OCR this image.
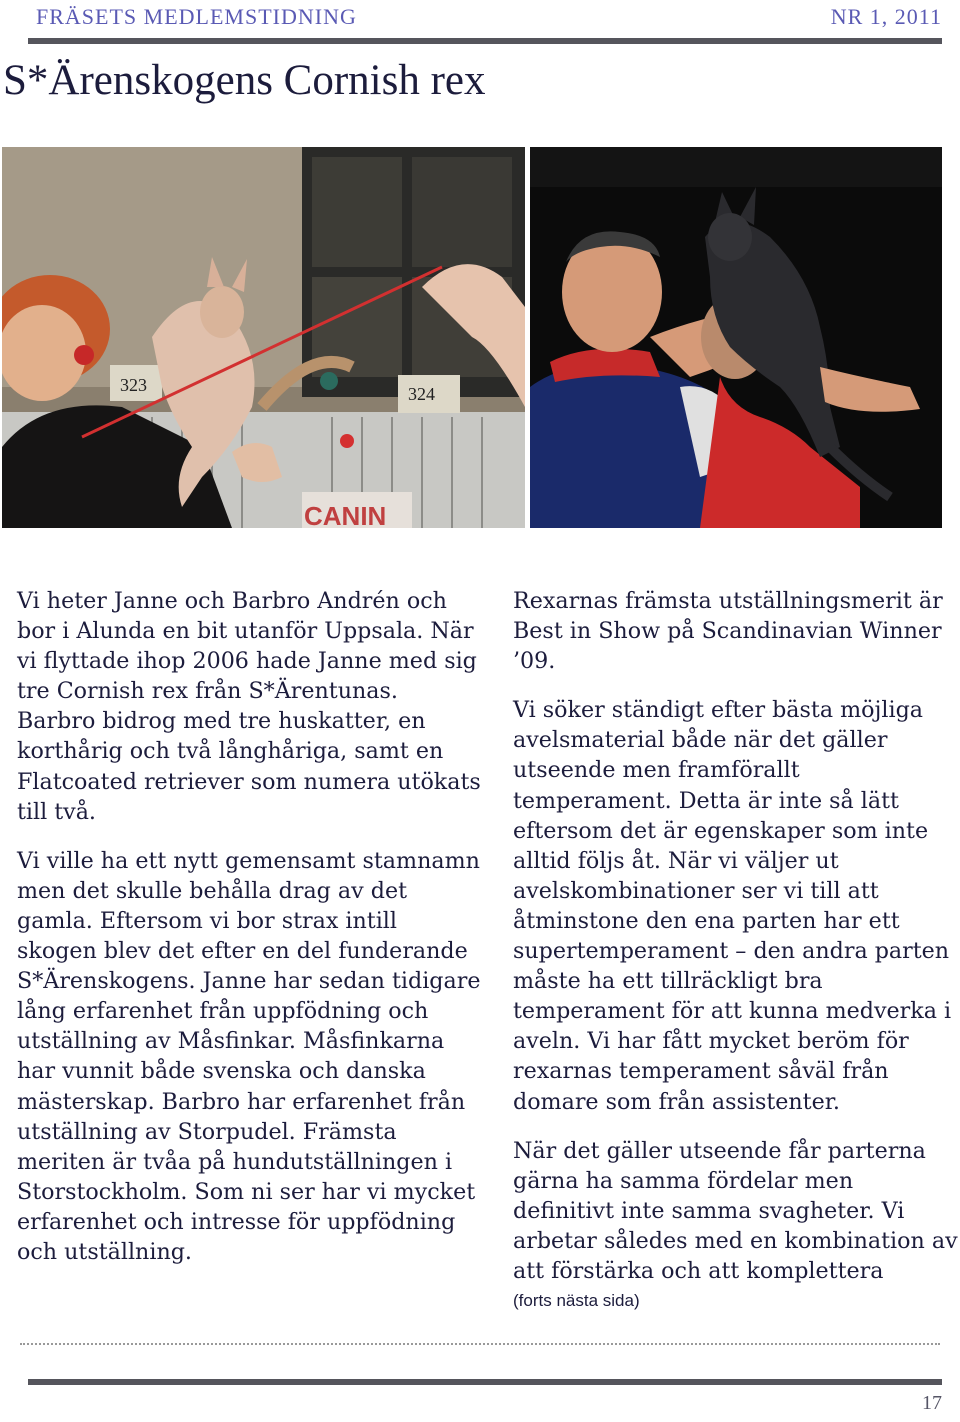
FRÄSETS MEDLEMSTIDNING	NR 1, 2011
S*Ärenskogens Cornish rex
323	324
CANIN

Vi heter Janne och Barbro Andrén och bor i Alunda en bit utanför Uppsala. När vi flyttade ihop 2006 hade Janne med sig tre Cornish rex från S*Ärentunas. Barbro bidrog med tre huskatter, en korthårig och två långhåriga, samt en Flatcoated retriever som numera utökats till två.

Vi ville ha ett nytt gemensamt stamnamn men det skulle behålla drag av det gamla. Eftersom vi bor strax intill skogen blev det efter en del funderande S*Ärenskogens. Janne har sedan tidigare lång erfarenhet från uppfödning och utställning av Måsfinkar. Måsfinkarna har vunnit både svenska och danska mästerskap. Barbro har erfarenhet från utställning av Storpudel. Främsta meriten är tvåa på hundutställningen i Storstockholm. Som ni ser har vi mycket erfarenhet och intresse för uppfödning och utställning.

Rexarnas främsta utställningsmerit är Best in Show på Scandinavian Winner ’09.

Vi söker ständigt efter bästa möjliga avelsmaterial både när det gäller utseende men framförallt temperament. Detta är inte så lätt eftersom det är egenskaper som inte alltid följs åt. När vi väljer ut avelskombinationer ser vi till att åtminstone den ena parten har ett supertemperament – den andra parten måste ha ett tillräckligt bra temperament för att kunna medverka i aveln. Vi har fått mycket beröm för rexarnas temperament såväl från domare som från assistenter.

När det gäller utseende får parterna gärna ha samma fördelar men definitivt inte samma svagheter. Vi arbetar således med en kombination av att förstärka och att komplettera
(forts nästa sida)

17
